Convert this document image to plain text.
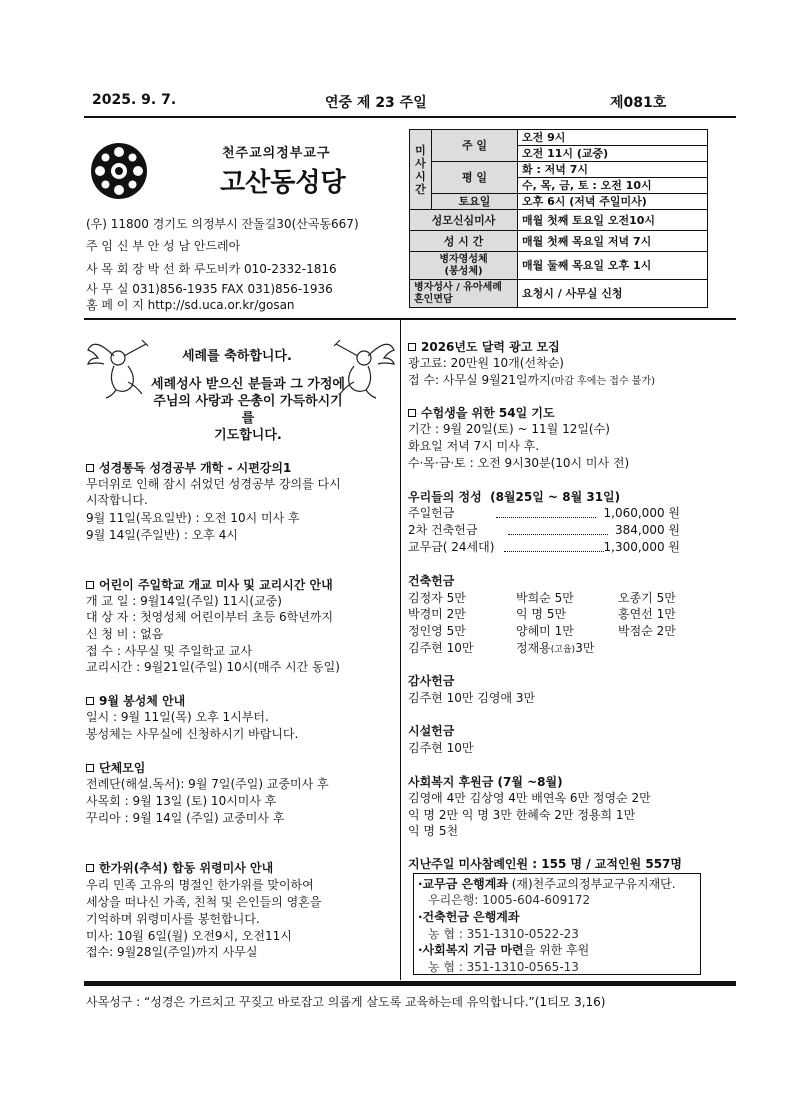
2025. 9. 7.	연중 제 23 주일	제081호
천주교의정부교구
고산동성당
(우) 11800 경기도 의정부시 잔돌길30(산곡동667)
주 임 신 부 안 성 남 안드레아
사 목 회 장 박 선 화 루도비카 010-2332-1816
사 무 실 031)856-1935 FAX 031)856-1936
홈 페 이 지 http://sd.uca.or.kr/gosan
미
사
시
간	주 일	오전 9시
		오전 11시 (교중)
	평 일	화 : 저녁 7시
		수, 목, 금, 토 : 오전 10시
	토요일	오후 6시 (저녁 주일미사)
성모신심미사		매월 첫째 토요일 오전10시
성 시 간		매월 첫째 목요일 저녁 7시
병자영성체
(봉성체)		매월 둘째 목요일 오후 1시
병자성사 / 유아세례
혼인면담		요청시 / 사무실 신청
세례를 축하합니다.
세례성사 받으신 분들과 그 가정에
주님의 사랑과 은총이 가득하시기를
기도합니다.
성경통독 성경공부 개학 - 시편강의1
무더위로 인해 잠시 쉬었던 성경공부 강의를 다시
시작합니다.
9월 11일(목요일반) : 오전 10시 미사 후
9월 14일(주일반) : 오후 4시
어린이 주일학교 개교 미사 및 교리시간 안내
개 교 일 : 9월14일(주일) 11시(교중)
대 상 자 : 첫영성체 어린이부터 초등 6학년까지
신 청 비 : 없음
접 수 : 사무실 및 주일학교 교사
교리시간 : 9월21일(주일) 10시(매주 시간 동일)
9월 봉성체 안내
일시 : 9월 11일(목) 오후 1시부터.
봉성체는 사무실에 신청하시기 바랍니다.
단체모임
전례단(해설.독서): 9월 7일(주일) 교중미사 후
사목회 : 9월 13일 (토) 10시미사 후
꾸리아 : 9월 14일 (주일) 교중미사 후
한가위(추석) 합동 위령미사 안내
우리 민족 고유의 명절인 한가위를 맞이하여
세상을 떠나신 가족, 친척 및 은인들의 영혼을
기억하며 위령미사를 봉헌합니다.
미사: 10월 6일(월) 오전9시, 오전11시
접수: 9월28일(주일)까지 사무실
2026년도 달력 광고 모집
광고료: 20만원 10개(선착순)
접 수: 사무실 9월21일까지(마감 후에는 접수 불가)
수험생을 위한 54일 기도
기간 : 9월 20일(토) ~ 11월 12일(수)
화요일 저녁 7시 미사 후.
수·목·금·토 : 오전 9시30분(10시 미사 전)
우리들의 정성 (8월25일 ~ 8월 31일)
주일헌금	1,060,000 원
2차 건축헌금	384,000 원
교무금( 24세대)	1,300,000 원
건축헌금
김정자 5만	박희순 5만	오종기 5만
박경미 2만	익 명 5만	홍연선 1만
정인영 5만	양혜미 1만	박점순 2만
김주현 10만	정재용(고윱)3만
감사헌금
김주현 10만 김영애 3만
시설헌금
김주현 10만
사회복지 후원금 (7월 ~8월)
김영애 4만 김상영 4만 배연옥 6만 정영순 2만
익 명 2만 익 명 3만 한혜숙 2만 정용희 1만
익 명 5천
지난주일 미사참례인원 : 155 명 / 교적인원 557명
·교무금 은행계좌 (재)천주교의정부교구유지재단.
우리은행: 1005-604-609172
·건축헌금 은행계좌
농 협 : 351-1310-0522-23
·사회복지 기금 마련을 위한 후원
농 협 : 351-1310-0565-13
사목성구 : “성경은 가르치고 꾸짖고 바로잡고 의롭게 살도록 교육하는데 유익합니다.”(1티모 3,16)
